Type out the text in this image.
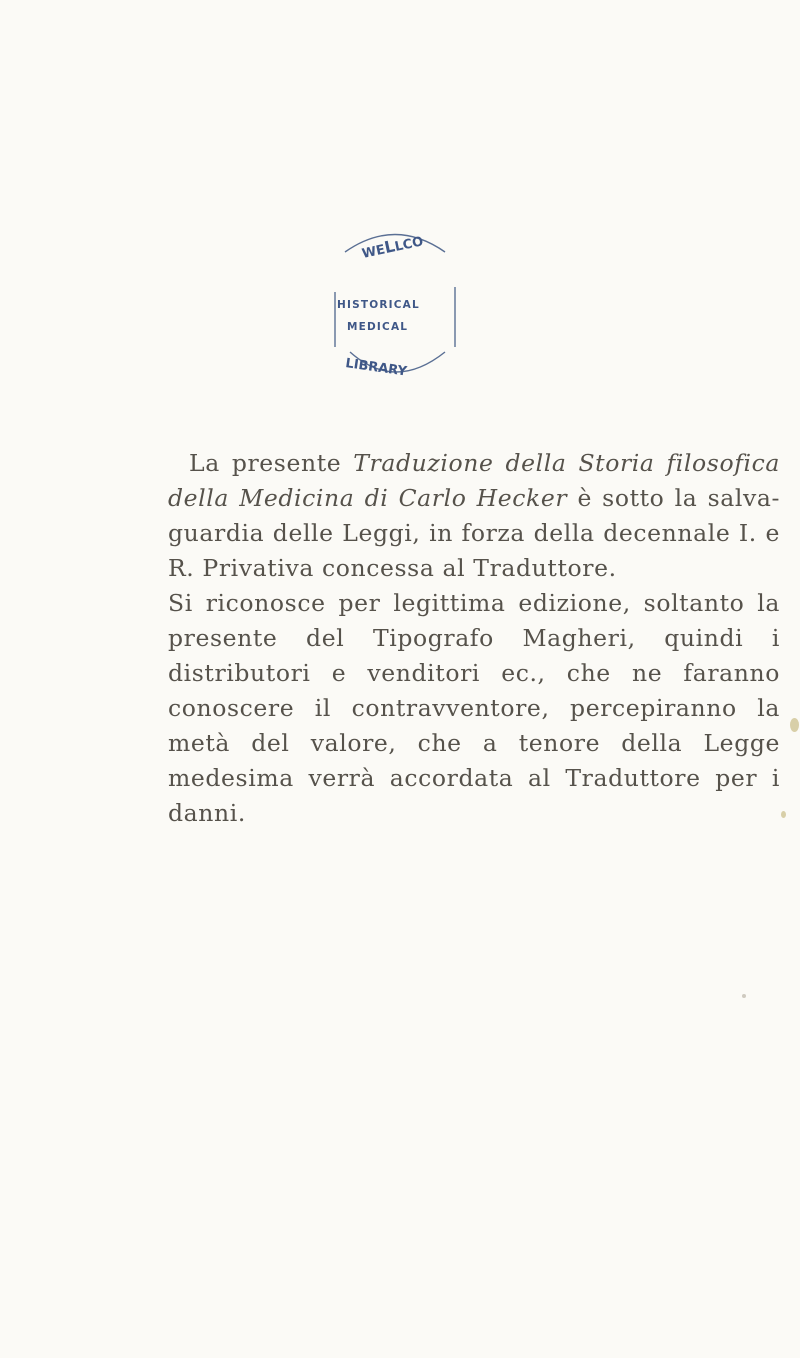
WELLCO
HISTORICAL
MEDICAL
LIBRARY

La presente Traduzione della Storia filosofica della Medicina di Carlo Hecker è sotto la salva-guardia delle Leggi, in forza della decennale I. e R. Privativa concessa al Traduttore.

Si riconosce per legittima edizione, soltanto la presente del Tipografo Magheri, quindi i distributori e venditori ec., che ne faranno conoscere il contravventore, percepiranno la metà del valore, che a tenore della Legge medesima verrà accordata al Traduttore per i danni.
